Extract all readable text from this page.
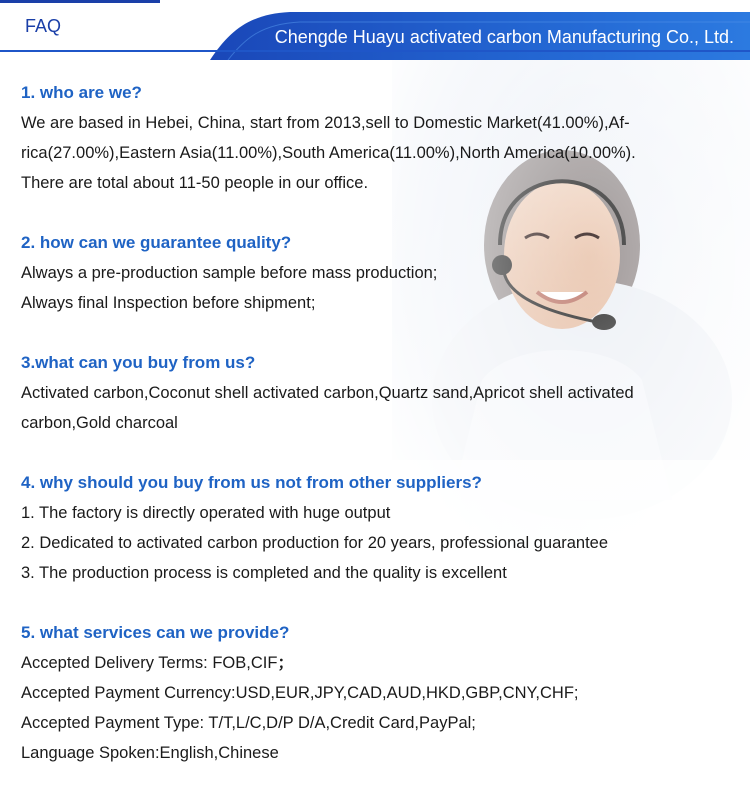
FAQ
Chengde Huayu activated carbon Manufacturing Co., Ltd.
1. who are we?
We are based in Hebei, China, start from 2013,sell to Domestic Market(41.00%),Af-
rica(27.00%),Eastern Asia(11.00%),South America(11.00%),North America(10.00%).
There are total about 11-50 people in our office.
2. how can we guarantee quality?
Always a pre-production sample before mass production;
Always final Inspection before shipment;
3.what can you buy from us?
Activated carbon,Coconut shell activated carbon,Quartz sand,Apricot shell activated
carbon,Gold charcoal
4. why should you buy from us not from other suppliers?
1. The factory is directly operated with huge output
2. Dedicated to activated carbon production for 20 years, professional guarantee
3. The production process is completed and the quality is excellent
5. what services can we provide?
Accepted Delivery Terms: FOB,CIF；
Accepted Payment Currency:USD,EUR,JPY,CAD,AUD,HKD,GBP,CNY,CHF;
Accepted Payment Type: T/T,L/C,D/P D/A,Credit Card,PayPal;
Language Spoken:English,Chinese
